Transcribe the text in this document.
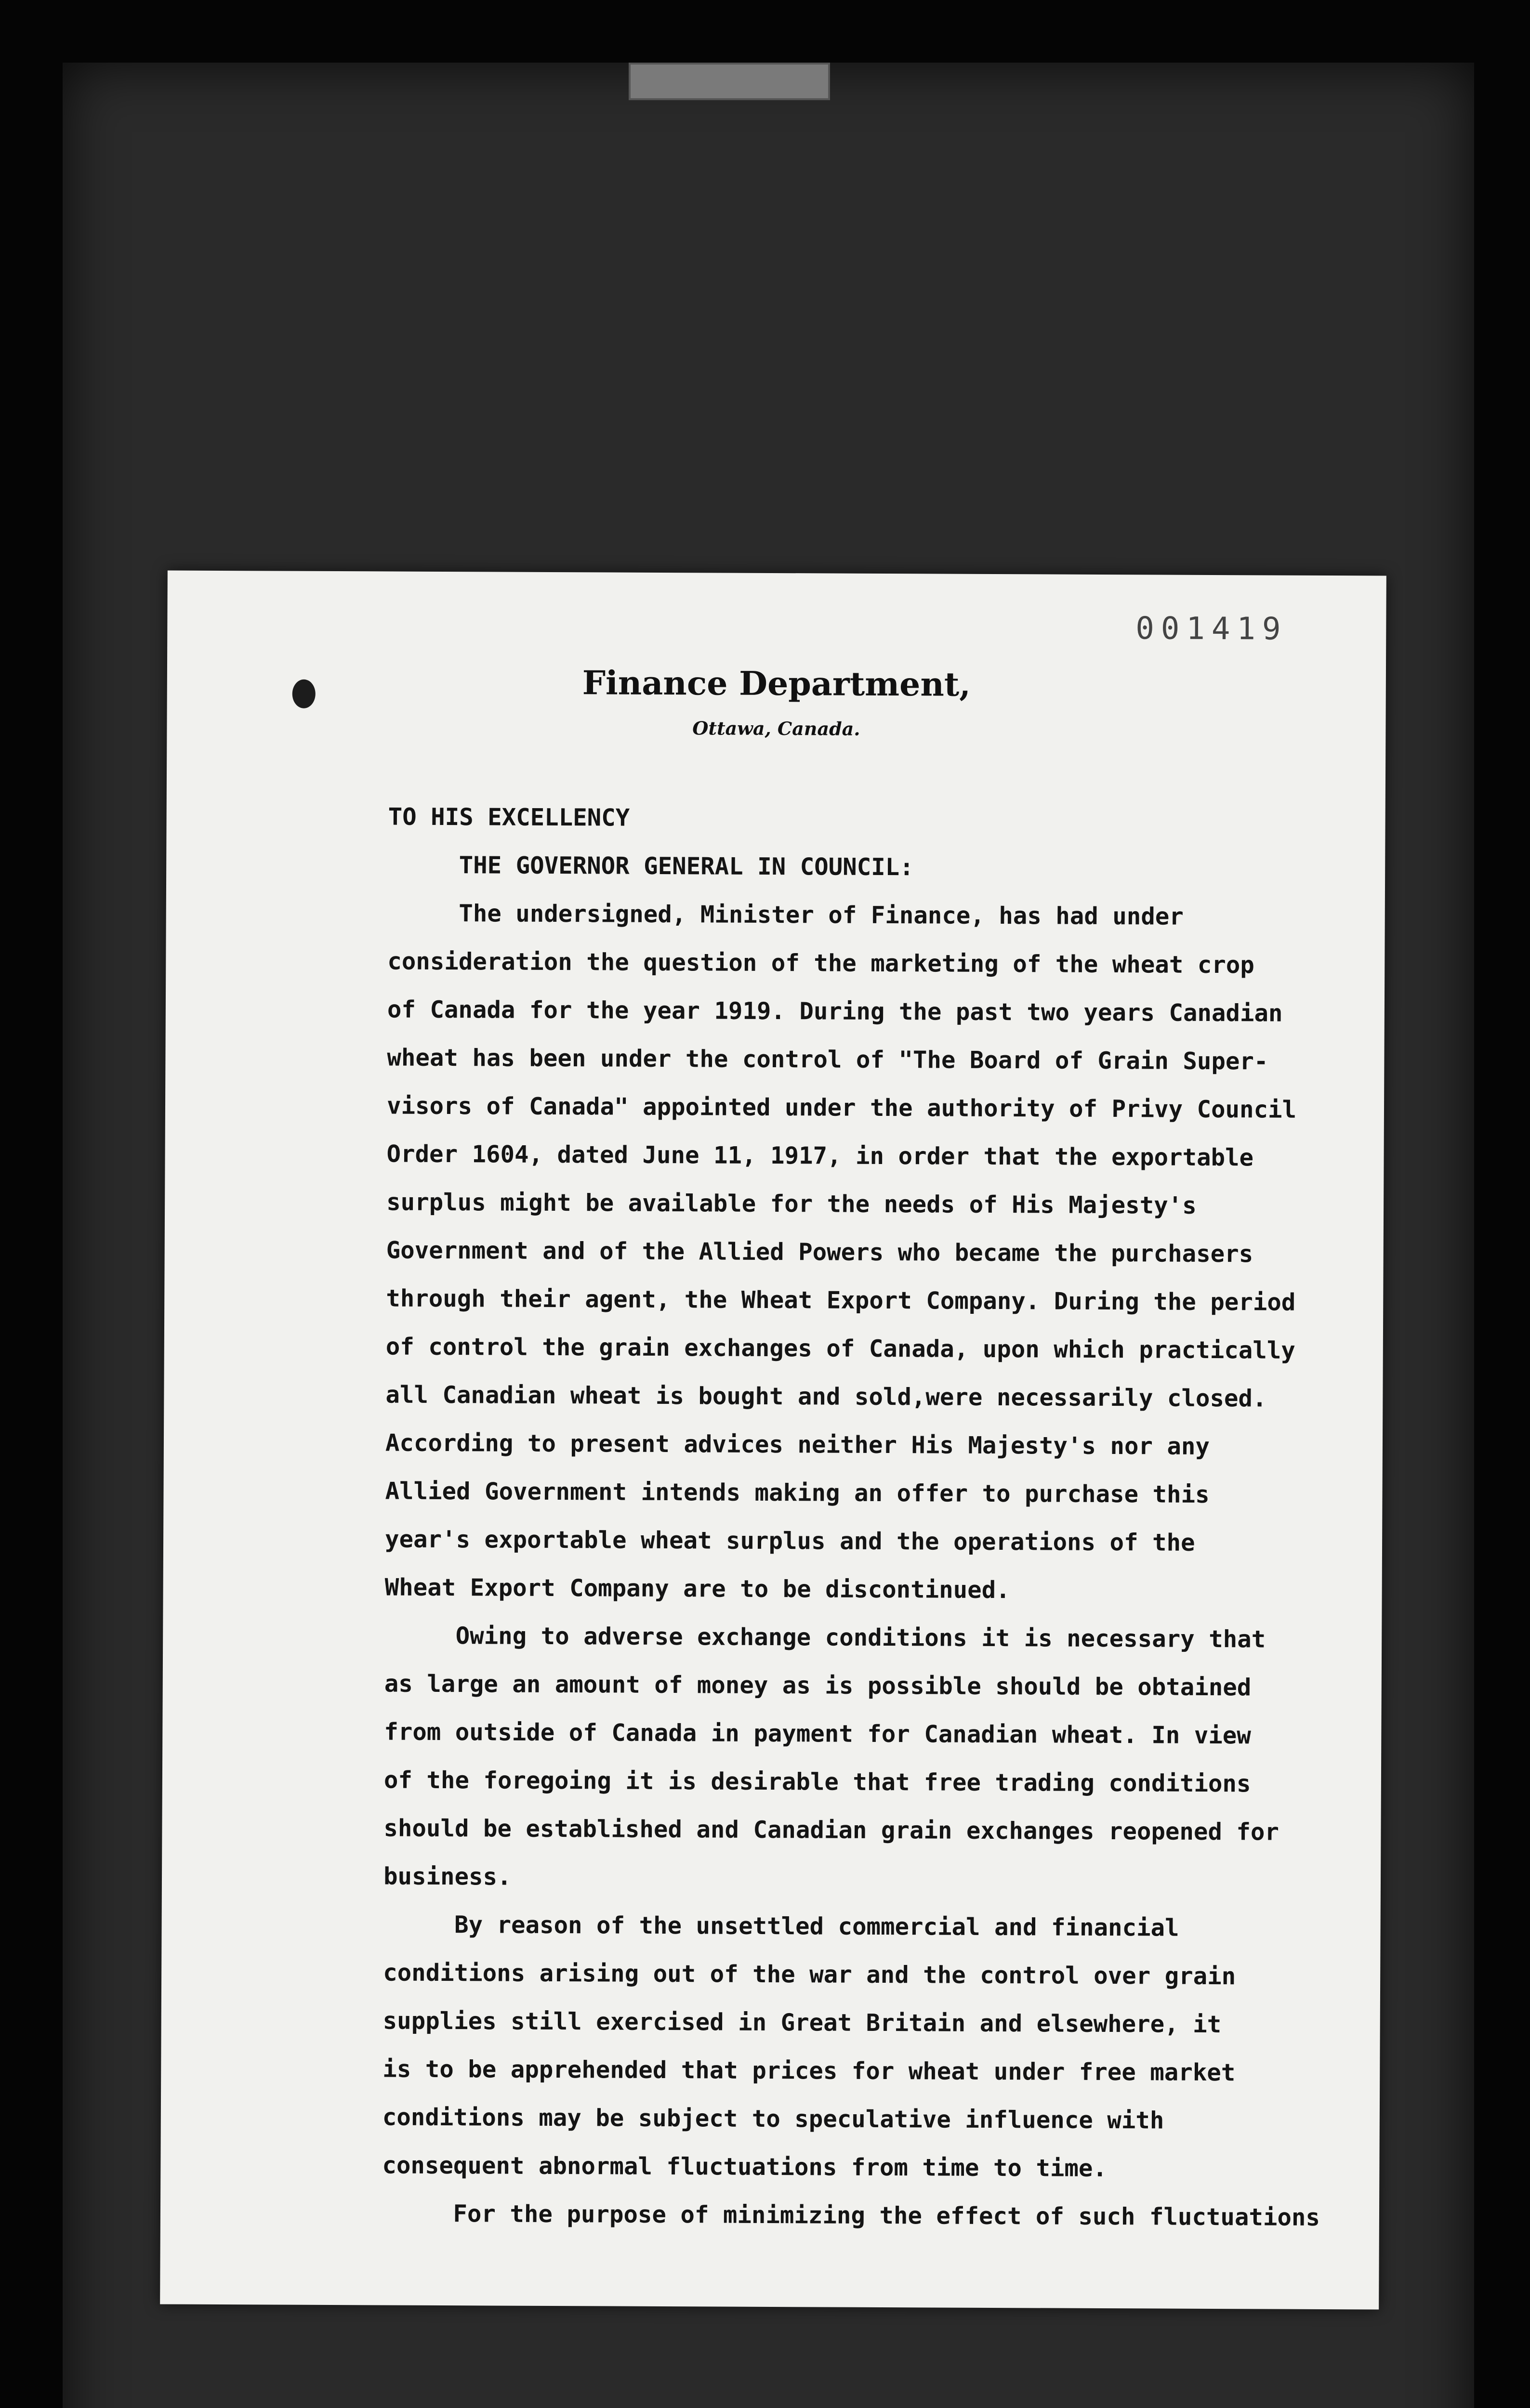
001419
Finance Department,
Ottawa, Canada.
TO HIS EXCELLENCY
THE GOVERNOR GENERAL IN COUNCIL:
The undersigned, Minister of Finance, has had under
consideration the question of the marketing of the wheat crop
of Canada for the year 1919. During the past two years Canadian
wheat has been under the control of "The Board of Grain Super-
visors of Canada" appointed under the authority of Privy Council
Order 1604, dated June 11, 1917, in order that the exportable
surplus might be available for the needs of His Majesty's
Government and of the Allied Powers who became the purchasers
through their agent, the Wheat Export Company. During the period
of control the grain exchanges of Canada, upon which practically
all Canadian wheat is bought and sold,were necessarily closed.
According to present advices neither His Majesty's nor any
Allied Government intends making an offer to purchase this
year's exportable wheat surplus and the operations of the
Wheat Export Company are to be discontinued.
Owing to adverse exchange conditions it is necessary that
as large an amount of money as is possible should be obtained
from outside of Canada in payment for Canadian wheat. In view
of the foregoing it is desirable that free trading conditions
should be established and Canadian grain exchanges reopened for
business.
By reason of the unsettled commercial and financial
conditions arising out of the war and the control over grain
supplies still exercised in Great Britain and elsewhere, it
is to be apprehended that prices for wheat under free market
conditions may be subject to speculative influence with
consequent abnormal fluctuations from time to time.
For the purpose of minimizing the effect of such fluctuations
